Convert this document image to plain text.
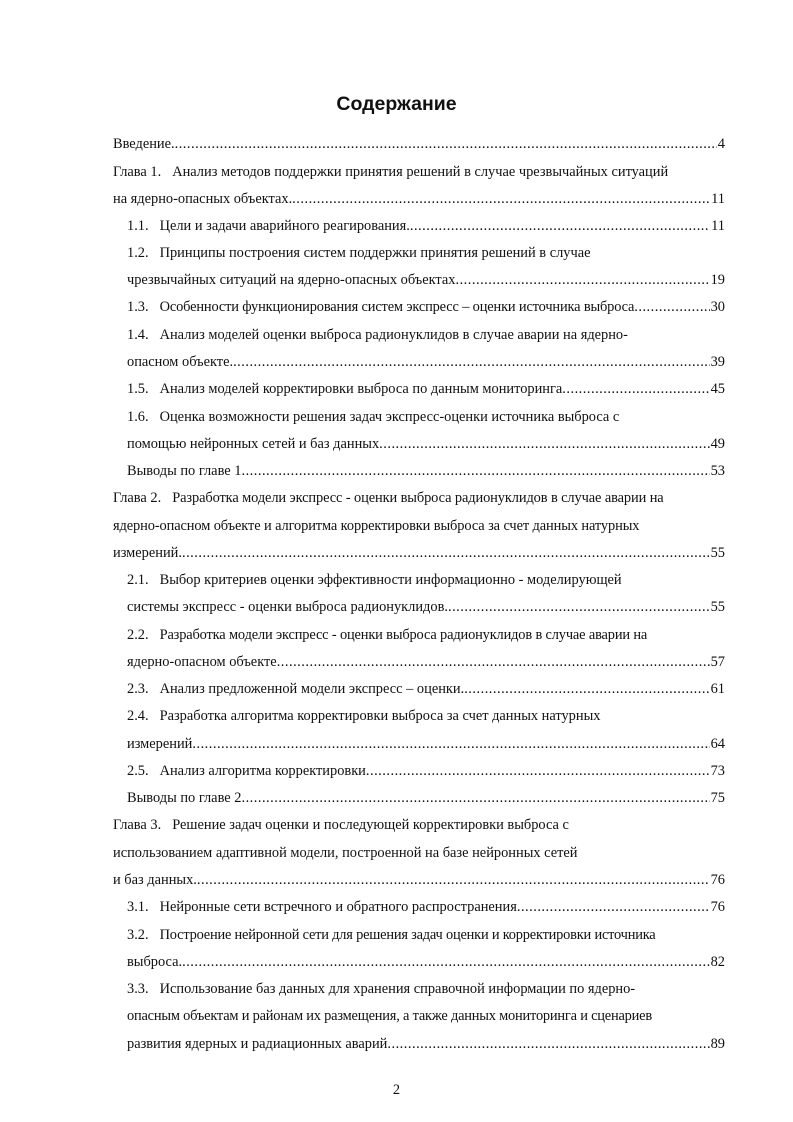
Содержание
Введение. .....	4
Глава 1. Анализ методов поддержки принятия решений в случае чрезвычайных ситуаций
на ядерно-опасных объектах. .....	11
1.1. Цели и задачи аварийного реагирования. .....	11
1.2. Принципы построения систем поддержки принятия решений в случае
чрезвычайных ситуаций на ядерно-опасных объектах .....	19
1.3. Особенности функционирования систем экспресс – оценки источника выброса .....	30
1.4. Анализ моделей оценки выброса радионуклидов в случае аварии на ядерно-
опасном объекте. .....	39
1.5. Анализ моделей корректировки выброса по данным мониторинга .....	45
1.6. Оценка возможности решения задач экспресс-оценки источника выброса с
помощью нейронных сетей и баз данных .....	49
Выводы по главе 1 .....	53
Глава 2. Разработка модели экспресс - оценки выброса радионуклидов в случае аварии на
ядерно-опасном объекте и алгоритма корректировки выброса за счет данных натурных
измерений. .....	55
2.1. Выбор критериев оценки эффективности информационно - моделирующей
системы экспресс - оценки выброса радионуклидов. .....	55
2.2. Разработка модели экспресс - оценки выброса радионуклидов в случае аварии на
ядерно-опасном объекте .....	57
2.3. Анализ предложенной модели экспресс – оценки. .....	61
2.4. Разработка алгоритма корректировки выброса за счет данных натурных
измерений .....	64
2.5. Анализ алгоритма корректировки .....	73
Выводы по главе 2 .....	75
Глава 3. Решение задач оценки и последующей корректировки выброса с
использованием адаптивной модели, построенной на базе нейронных сетей
и баз данных. .....	76
3.1. Нейронные сети встречного и обратного распространения .....	76
3.2. Построение нейронной сети для решения задач оценки и корректировки источника
выброса. .....	82
3.3. Использование баз данных для хранения справочной информации по ядерно-
опасным объектам и районам их размещения, а также данных мониторинга и сценариев
развития ядерных и радиационных аварий .....	89
2
